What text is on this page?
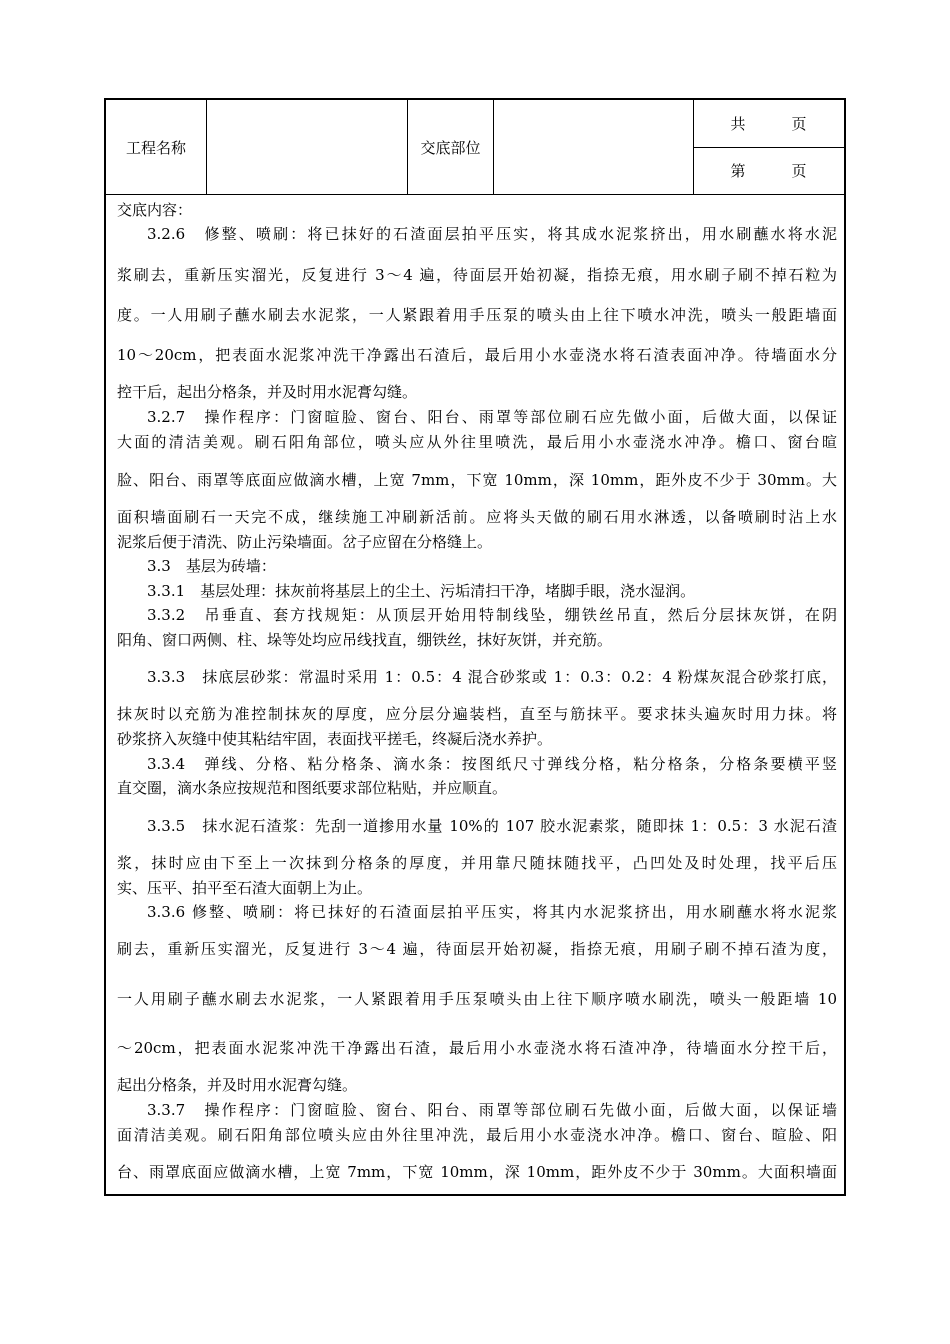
工程名称	交底部位
共	页
第	页
交底内容：
3.2.6　修整、喷刷：将已抹好的石渣面层拍平压实，将其成水泥浆挤出，用水刷蘸水将水泥
浆刷去，重新压实溜光，反复进行 3～4 遍，待面层开始初凝，指捺无痕，用水刷子刷不掉石粒为
度。一人用刷子蘸水刷去水泥浆，一人紧跟着用手压泵的喷头由上往下喷水冲洗，喷头一般距墙面
10～20cm，把表面水泥浆冲洗干净露出石渣后，最后用小水壶浇水将石渣表面冲净。待墙面水分
控干后，起出分格条，并及时用水泥膏勾缝。
3.2.7　操作程序：门窗暄脸、窗台、阳台、雨罩等部位刷石应先做小面，后做大面，以保证
大面的清洁美观。刷石阳角部位，喷头应从外往里喷洗，最后用小水壶浇水冲净。檐口、窗台暄
脸、阳台、雨罩等底面应做滴水槽，上宽 7mm，下宽 10mm，深 10mm，距外皮不少于 30mm。大
面积墙面刷石一天完不成，继续施工冲刷新活前。应将头天做的刷石用水淋透，以备喷刷时沾上水
泥浆后便于清洗、防止污染墙面。岔子应留在分格缝上。
3.3　基层为砖墙：
3.3.1　基层处理：抹灰前将基层上的尘土、污垢清扫干净，堵脚手眼，浇水湿润。
3.3.2　吊垂直、套方找规矩：从顶层开始用特制线坠，绷铁丝吊直，然后分层抹灰饼，在阴
阳角、窗口两侧、柱、垛等处均应吊线找直，绷铁丝，抹好灰饼，并充筋。
3.3.3　抹底层砂浆：常温时采用 1：0.5：4 混合砂浆或 1：0.3：0.2：4 粉煤灰混合砂浆打底，
抹灰时以充筋为准控制抹灰的厚度，应分层分遍装档，直至与筋抹平。要求抹头遍灰时用力抹。将
砂浆挤入灰缝中使其粘结牢固，表面找平搓毛，终凝后浇水养护。
3.3.4　弹线、分格、粘分格条、滴水条：按图纸尺寸弹线分格，粘分格条，分格条要横平竖
直交圈，滴水条应按规范和图纸要求部位粘贴，并应顺直。
3.3.5　抹水泥石渣浆：先刮一道掺用水量 10%的 107 胶水泥素浆，随即抹 1：0.5：3 水泥石渣
浆，抹时应由下至上一次抹到分格条的厚度，并用靠尺随抹随找平，凸凹处及时处理，找平后压
实、压平、拍平至石渣大面朝上为止。
3.3.6 修整、喷刷：将已抹好的石渣面层拍平压实，将其内水泥浆挤出，用水刷蘸水将水泥浆
刷去，重新压实溜光，反复进行 3～4 遍，待面层开始初凝，指捺无痕，用刷子刷不掉石渣为度，
一人用刷子蘸水刷去水泥浆，一人紧跟着用手压泵喷头由上往下顺序喷水刷洗，喷头一般距墙 10
～20cm，把表面水泥浆冲洗干净露出石渣，最后用小水壶浇水将石渣冲净，待墙面水分控干后，
起出分格条，并及时用水泥膏勾缝。
3.3.7　操作程序：门窗暄脸、窗台、阳台、雨罩等部位刷石先做小面，后做大面，以保证墙
面清洁美观。刷石阳角部位喷头应由外往里冲洗，最后用小水壶浇水冲净。檐口、窗台、暄脸、阳
台、雨罩底面应做滴水槽，上宽 7mm，下宽 10mm，深 10mm，距外皮不少于 30mm。大面积墙面
